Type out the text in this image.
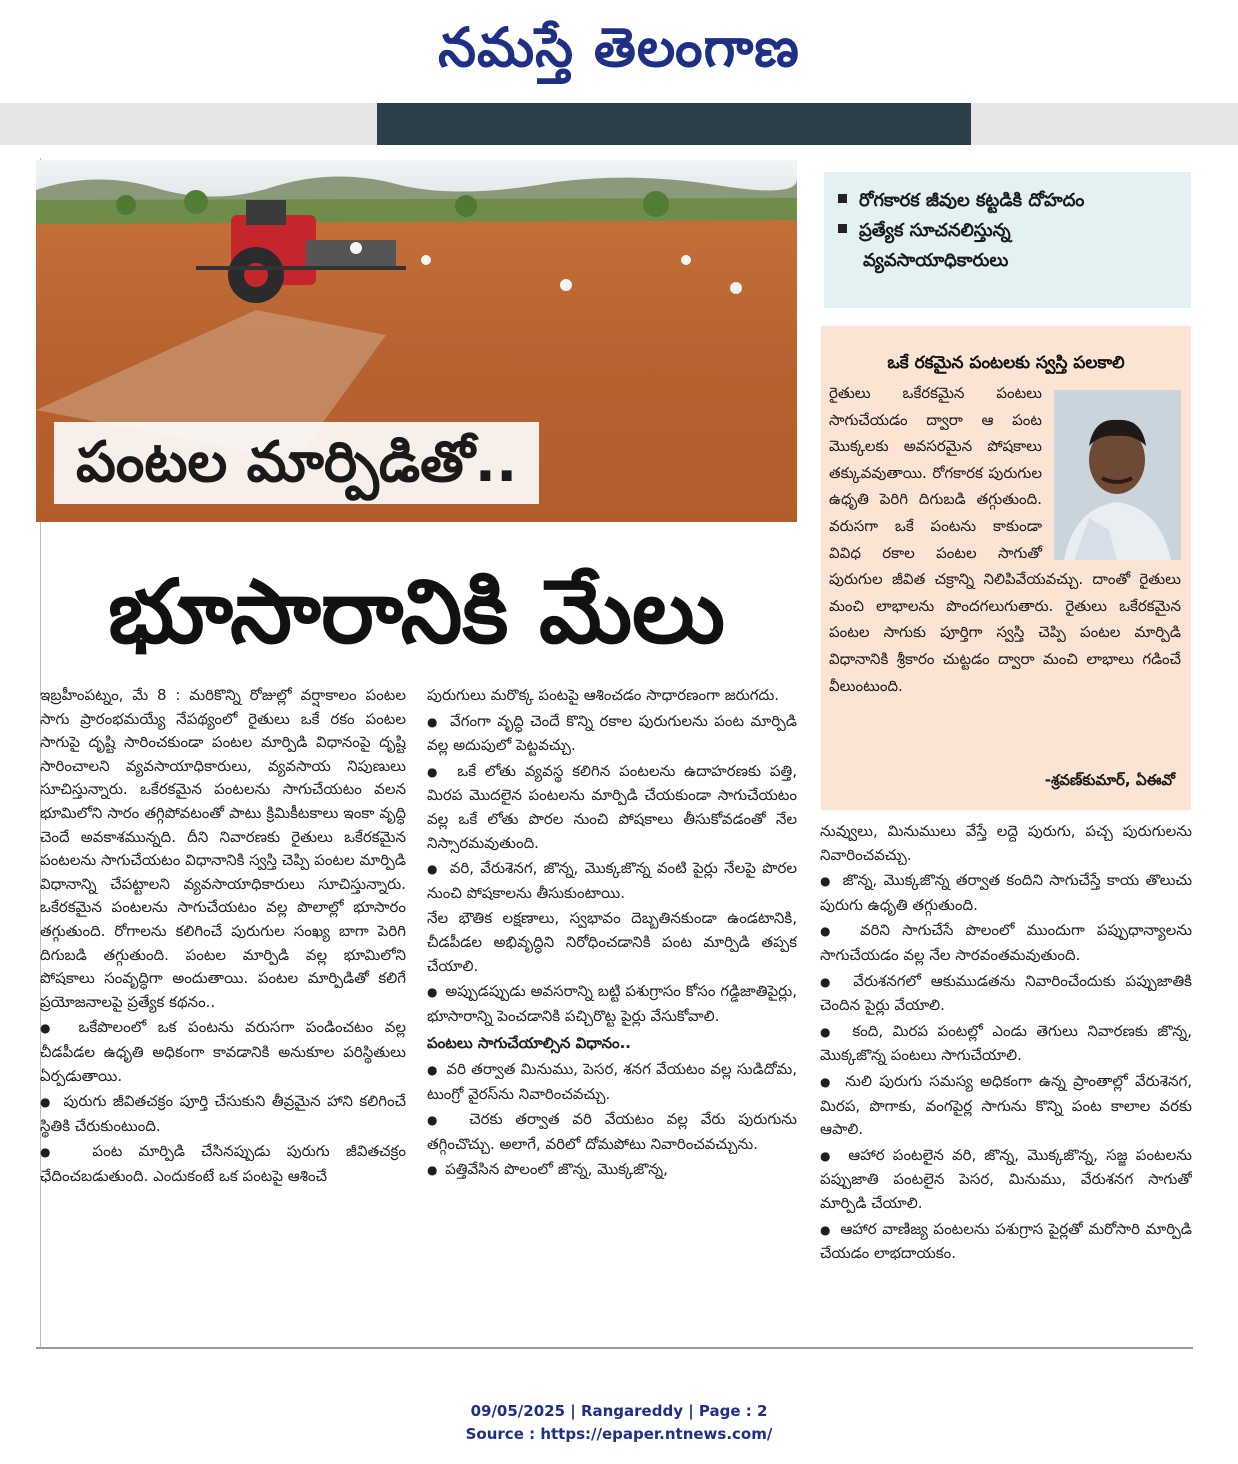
నమస్తే తెలంగాణ
పంటల మార్పిడితో..
భూసారానికి మేలు
రోగకారక జీవుల కట్టడికి దోహదం
ప్రత్యేక సూచనలిస్తున్న
వ్యవసాయాధికారులు
ఒకే రకమైన పంటలకు స్వస్తి పలకాలి
రైతులు ఒకేరకమైన పంటలు సాగుచేయడం ద్వారా ఆ పంట మొక్కలకు అవసరమైన పోషకాలు తక్కువవుతాయి. రోగకారక పురుగుల ఉధృతి పెరిగి దిగుబడి తగ్గుతుంది. వరుసగా ఒకే పంటను కాకుండా వివిధ రకాల పంటల సాగుతో పురుగుల జీవిత చక్రాన్ని నిలిపివేయవచ్చు. దాంతో రైతులు మంచి లాభాలను పొందగలుగుతారు. రైతులు ఒకేరకమైన పంటల సాగుకు పూర్తిగా స్వస్తి చెప్పి పంటల మార్పిడి విధానానికి శ్రీకారం చుట్టడం ద్వారా మంచి లాభాలు గడించే వీలుంటుంది.
-శ్రవణ్‌కుమార్‌, ఏఈవో

ఇబ్రహీంపట్నం, మే 8 : మరికొన్ని రోజుల్లో వర్షాకాలం పంటల సాగు ప్రారంభమయ్యే నేపథ్యంలో రైతులు ఒకే రకం పంటల సాగుపై దృష్టి సారించకుండా పంటల మార్పిడి విధానంపై దృష్టి సారించాలని వ్యవసాయాధికారులు, వ్యవసాయ నిపుణులు సూచిస్తున్నారు. ఒకేరకమైన పంటలను సాగుచేయటం వలన భూమిలోని సారం తగ్గిపోవటంతో పాటు క్రిమికీటకాలు ఇంకా వృద్ధి చెందే అవకాశమున్నది. దీని నివారణకు రైతులు ఒకేరకమైన పంటలను సాగుచేయటం విధానానికి స్వస్తి చెప్పి పంటల మార్పిడి విధానాన్ని చేపట్టాలని వ్యవసాయాధికారులు సూచిస్తున్నారు. ఒకేరకమైన పంటలను సాగుచేయటం వల్ల పొలాల్లో భూసారం తగ్గుతుంది. రోగాలను కలిగించే పురుగుల సంఖ్య బాగా పెరిగి దిగుబడి తగ్గుతుంది. పంటల మార్పిడి వల్ల భూమిలోని పోషకాలు సంవృద్ధిగా అందుతాయి. పంటల మార్పిడితో కలిగే ప్రయోజనాలపై ప్రత్యేక కథనం..

●  ఒకేపొలంలో ఒక పంటను వరుసగా పండించటం వల్ల చీడపీడల ఉధృతి అధికంగా కావడానికి అనుకూల పరిస్థితులు ఏర్పడుతాయి.

●  పురుగు జీవితచక్రం పూర్తి చేసుకుని తీవ్రమైన హాని కలిగించే స్థితికి చేరుకుంటుంది.

●  పంట మార్పిడి చేసినప్పుడు పురుగు జీవితచక్రం ఛేదించబడుతుంది. ఎందుకంటే ఒక పంటపై ఆశించే

పురుగులు మరొక్క పంటపై ఆశించడం సాధారణంగా జరుగదు.

●  వేగంగా వృద్ధి చెందే కొన్ని రకాల పురుగులను పంట మార్పిడి వల్ల అదుపులో పెట్టవచ్చు.

●  ఒకే లోతు వ్యవస్థ కలిగిన పంటలను ఉదాహరణకు పత్తి, మిరప మొదలైన పంటలను మార్పిడి చేయకుండా సాగుచేయటం వల్ల ఒకే లోతు పొరల నుంచి పోషకాలు తీసుకోవడంతో నేల నిస్సారమవుతుంది.

●  వరి, వేరుశెనగ, జొన్న, మొక్కజొన్న వంటి పైర్లు నేలపై పొరల నుంచి పోషకాలను తీసుకుంటాయి.

నేల భౌతిక లక్షణాలు, స్వభావం దెబ్బతినకుండా ఉండటానికి, చీడపీడల అభివృద్ధిని నిరోధించడానికి పంట మార్పిడి తప్పక చేయాలి.

●  అప్పుడప్పుడు అవసరాన్ని బట్టి పశుగ్రాసం కోసం గడ్డిజాతిపైర్లు, భూసారాన్ని పెంచడానికి పచ్చిరొట్ట పైర్లు వేసుకోవాలి.

పంటలు సాగుచేయాల్సిన విధానం..

●  వరి తర్వాత మినుము, పెసర, శనగ వేయటం వల్ల సుడిదోమ, టుంగ్రో వైరస్‌ను నివారించవచ్చు.

●  చెరకు తర్వాత వరి వేయటం వల్ల వేరు పురుగును తగ్గించొచ్చు. అలాగే, వరిలో దోమపోటు నివారించవచ్చును.

●  పత్తివేసిన పొలంలో జొన్న, మొక్కజొన్న,

నువ్వులు, మినుములు వేస్తే లద్దె పురుగు, పచ్చ పురుగులను నివారించవచ్చు.

●  జొన్న, మొక్కజొన్న తర్వాత కందిని సాగుచేస్తే కాయ తొలుచు పురుగు ఉధృతి తగ్గుతుంది.

●  వరిని సాగుచేసే పొలంలో ముందుగా పప్పుధాన్యాలను సాగుచేయడం వల్ల నేల సారవంతమవుతుంది.

●  వేరుశనగలో ఆకుముడతను నివారించేందుకు పప్పుజాతికి చెందిన పైర్లు వేయాలి.

●  కంది, మిరప పంటల్లో ఎండు తెగులు నివారణకు జొన్న, మొక్కజొన్న పంటలు సాగుచేయాలి.

●  నులి పురుగు సమస్య అధికంగా ఉన్న ప్రాంతాల్లో వేరుశెనగ, మిరప, పొగాకు, వంగపైర్ల సాగును కొన్ని పంట కాలాల వరకు ఆపాలి.

●  ఆహార పంటలైన వరి, జొన్న, మొక్కజొన్న, సజ్జ పంటలను పప్పుజాతి పంటలైన పెసర, మినుము, వేరుశనగ సాగుతో మార్పిడి చేయాలి.

●  ఆహార వాణిజ్య పంటలను పశుగ్రాస పైర్లతో మరోసారి మార్పిడి చేయడం లాభదాయకం.

09/05/2025 | Rangareddy | Page : 2
Source : https://epaper.ntnews.com/
